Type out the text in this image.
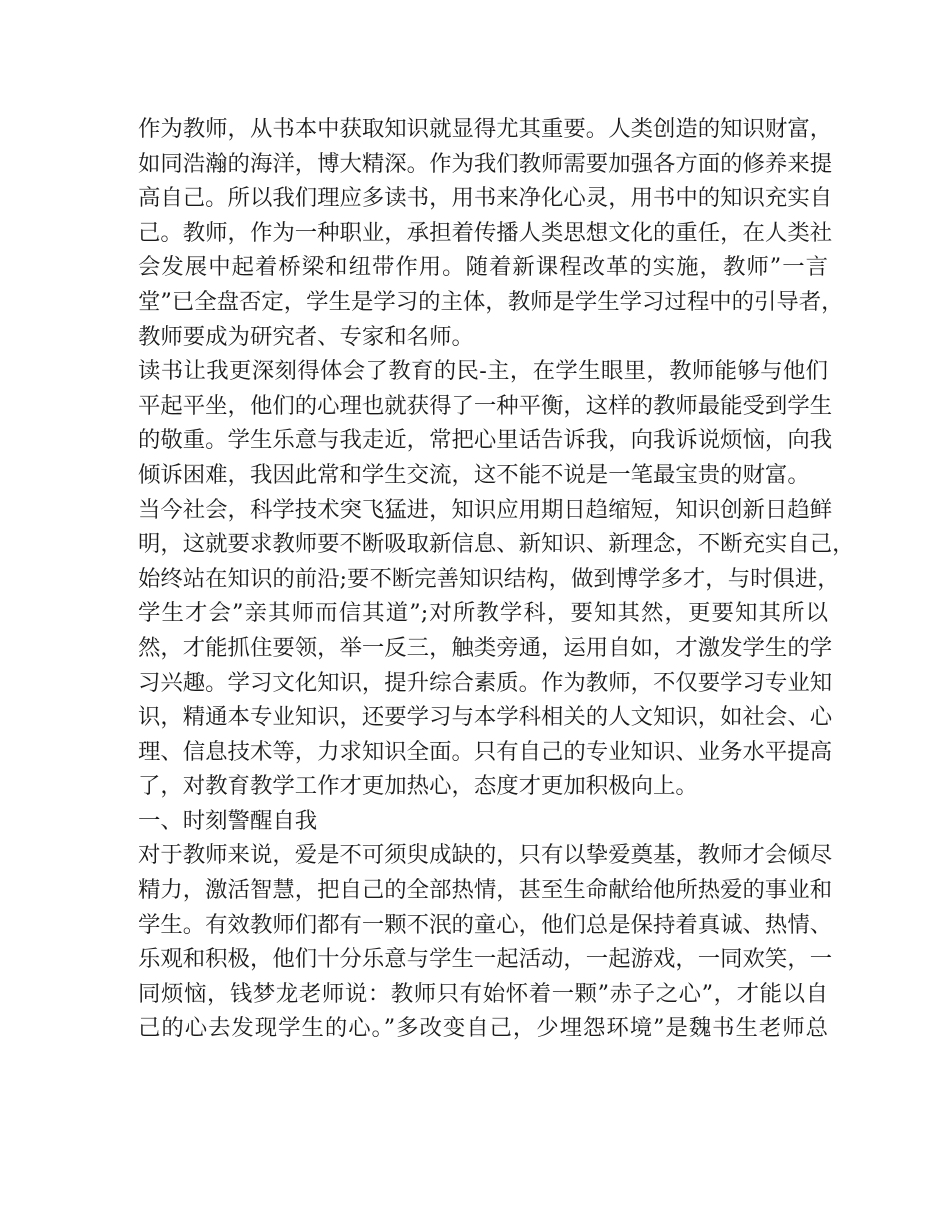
作为教师，从书本中获取知识就显得尤其重要。人类创造的知识财富，
如同浩瀚的海洋，博大精深。作为我们教师需要加强各方面的修养来提
高自己。所以我们理应多读书，用书来净化心灵，用书中的知识充实自
己。教师，作为一种职业，承担着传播人类思想文化的重任，在人类社
会发展中起着桥梁和纽带作用。随着新课程改革的实施，教师”一言
堂”已全盘否定，学生是学习的主体，教师是学生学习过程中的引导者，
教师要成为研究者、专家和名师。
读书让我更深刻得体会了教育的民-主，在学生眼里，教师能够与他们
平起平坐，他们的心理也就获得了一种平衡，这样的教师最能受到学生
的敬重。学生乐意与我走近，常把心里话告诉我，向我诉说烦恼，向我
倾诉困难，我因此常和学生交流，这不能不说是一笔最宝贵的财富。
当今社会，科学技术突飞猛进，知识应用期日趋缩短，知识创新日趋鲜
明，这就要求教师要不断吸取新信息、新知识、新理念，不断充实自己，
始终站在知识的前沿;要不断完善知识结构，做到博学多才，与时俱进，
学生才会”亲其师而信其道”;对所教学科，要知其然，更要知其所以
然，才能抓住要领，举一反三，触类旁通，运用自如，才激发学生的学
习兴趣。学习文化知识，提升综合素质。作为教师，不仅要学习专业知
识，精通本专业知识，还要学习与本学科相关的人文知识，如社会、心
理、信息技术等，力求知识全面。只有自己的专业知识、业务水平提高
了，对教育教学工作才更加热心，态度才更加积极向上。
一、时刻警醒自我
对于教师来说，爱是不可须臾成缺的，只有以挚爱奠基，教师才会倾尽
精力，激活智慧，把自己的全部热情，甚至生命献给他所热爱的事业和
学生。有效教师们都有一颗不泯的童心，他们总是保持着真诚、热情、
乐观和积极，他们十分乐意与学生一起活动，一起游戏，一同欢笑，一
同烦恼，钱梦龙老师说：教师只有始怀着一颗”赤子之心”，才能以自
己的心去发现学生的心。”多改变自己，少埋怨环境”是魏书生老师总
